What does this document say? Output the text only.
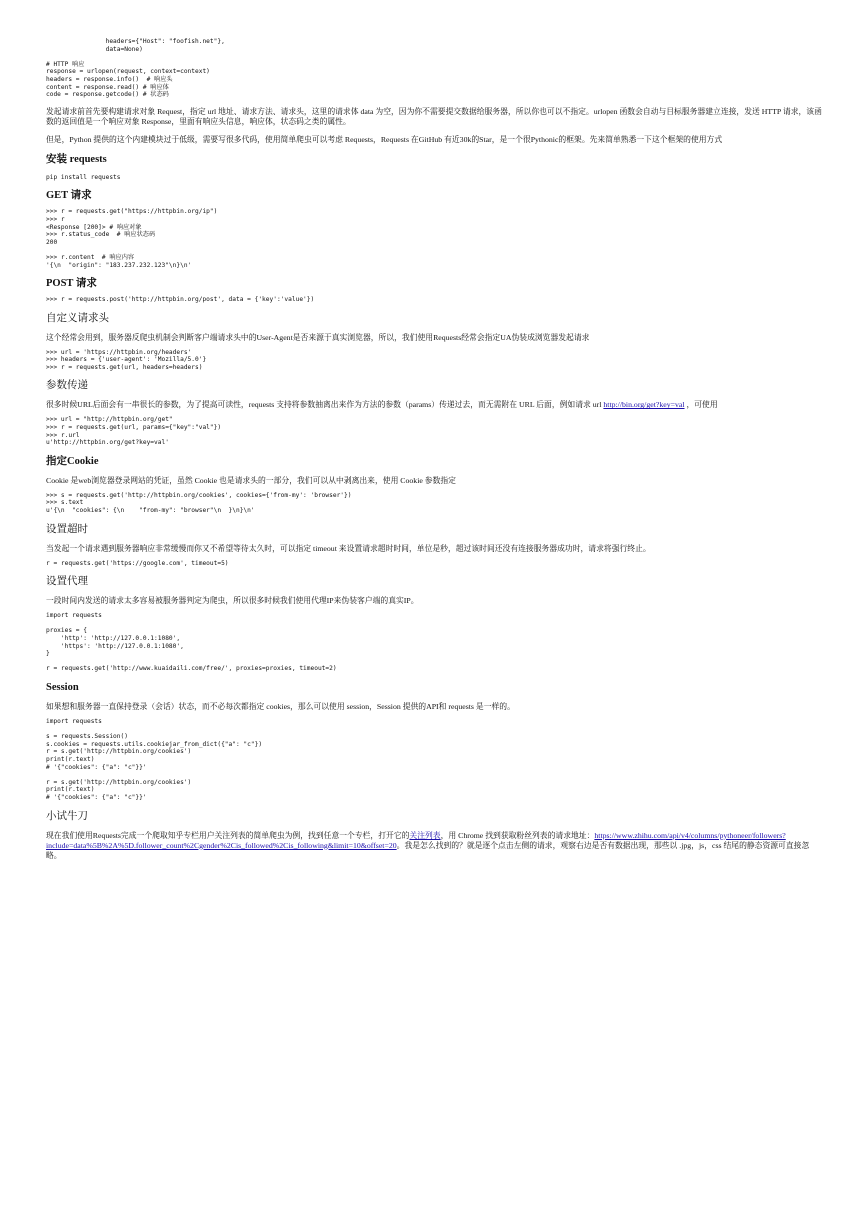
headers={"Host": "foofish.net"},
data=None)

# HTTP 响应
response = urlopen(request, context=context)
headers = response.info()  # 响应头
content = response.read() # 响应体
code = response.getcode() # 状态码

发起请求前首先要构建请求对象 Request，指定 url 地址、请求方法、请求头，这里的请求体 data 为空，因为你不需要提交数据给服务器，所以你也可以不指定。urlopen 函数会自动与目标服务器建立连接，发送 HTTP 请求，该函数的返回值是一个响应对象 Response，里面有响应头信息，响应体，状态码之类的属性。

但是，Python 提供的这个内建模块过于低级，需要写很多代码，使用简单爬虫可以考虑 Requests，Requests 在GitHub 有近30k的Star，是一个很Pythonic的框架。先来简单熟悉一下这个框架的使用方式

安装 requests
pip install requests
GET 请求
>>> r = requests.get("https://httpbin.org/ip")
>>> r
<Response [200]> # 响应对象
>>> r.status_code  # 响应状态码
200

>>> r.content  # 响应内容
'{\n  "origin": "183.237.232.123"\n}\n'
POST 请求
>>> r = requests.post('http://httpbin.org/post', data = {'key':'value'})
自定义请求头

这个经常会用到，服务器反爬虫机制会判断客户端请求头中的User-Agent是否来源于真实浏览器，所以，我们使用Requests经常会指定UA伪装成浏览器发起请求

>>> url = 'https://httpbin.org/headers'
>>> headers = {'user-agent': 'Mozilla/5.0'}
>>> r = requests.get(url, headers=headers)
参数传递

很多时候URL后面会有一串很长的参数，为了提高可读性，requests 支持将参数抽离出来作为方法的参数（params）传递过去，而无需附在 URL 后面，例如请求 url http://bin.org/get?key=val ，可使用

>>> url = "http://httpbin.org/get"
>>> r = requests.get(url, params={"key":"val"})
>>> r.url
u'http://httpbin.org/get?key=val'
指定Cookie

Cookie 是web浏览器登录网站的凭证，虽然 Cookie 也是请求头的一部分，我们可以从中剥离出来，使用 Cookie 参数指定

>>> s = requests.get('http://httpbin.org/cookies', cookies={'from-my': 'browser'})
>>> s.text
u'{\n  "cookies": {\n    "from-my": "browser"\n  }\n}\n'
设置超时

当发起一个请求遇到服务器响应非常缓慢而你又不希望等待太久时，可以指定 timeout 来设置请求超时时间，单位是秒，超过该时间还没有连接服务器成功时，请求将强行终止。

r = requests.get('https://google.com', timeout=5)
设置代理

一段时间内发送的请求太多容易被服务器判定为爬虫，所以很多时候我们使用代理IP来伪装客户端的真实IP。

import requests

proxies = {
'http': 'http://127.0.0.1:1080',
'https': 'http://127.0.0.1:1080',
}

r = requests.get('http://www.kuaidaili.com/free/', proxies=proxies, timeout=2)
Session

如果想和服务器一直保持登录（会话）状态，而不必每次都指定 cookies，那么可以使用 session，Session 提供的API和 requests 是一样的。

import requests

s = requests.Session()
s.cookies = requests.utils.cookiejar_from_dict({"a": "c"})
r = s.get('http://httpbin.org/cookies')
print(r.text)
# '{"cookies": {"a": "c"}}'

r = s.get('http://httpbin.org/cookies')
print(r.text)
# '{"cookies": {"a": "c"}}'
小试牛刀

现在我们使用Requests完成一个爬取知乎专栏用户关注列表的简单爬虫为例，找到任意一个专栏，打开它的关注列表，用 Chrome 找到获取粉丝列表的请求地址：https://www.zhihu.com/api/v4/columns/pythoneer/followers?include=data%5B%2A%5D.follower_count%2Cgender%2Cis_followed%2Cis_following&limit=10&offset=20。我是怎么找到的？就是逐个点击左侧的请求，观察右边是否有数据出现，那些以 .jpg，js，css 结尾的静态资源可直接忽略。
